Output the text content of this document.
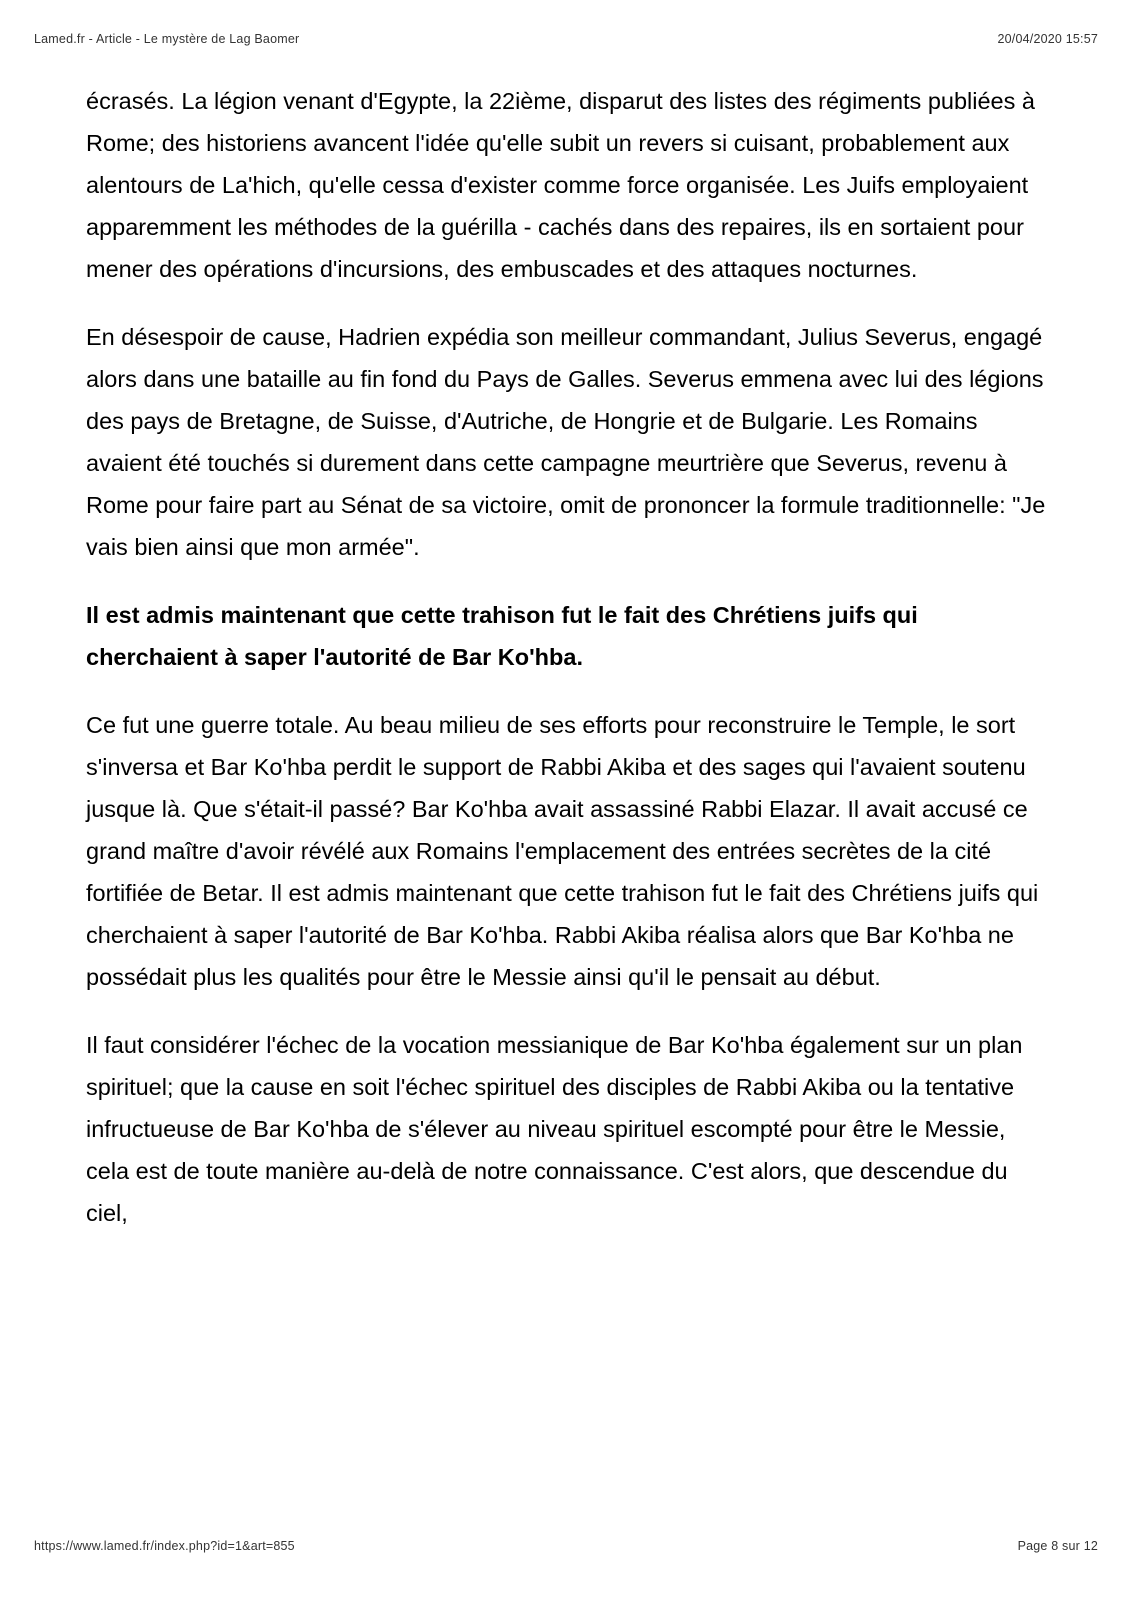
Lamed.fr - Article - Le mystère de Lag Baomer	20/04/2020 15:57

écrasés. La légion venant d'Egypte, la 22ième, disparut des listes des régiments publiées à Rome; des historiens avancent l'idée qu'elle subit un revers si cuisant, probablement aux alentours de La'hich, qu'elle cessa d'exister comme force organisée. Les Juifs employaient apparemment les méthodes de la guérilla - cachés dans des repaires, ils en sortaient pour mener des opérations d'incursions, des embuscades et des attaques nocturnes.

En désespoir de cause, Hadrien expédia son meilleur commandant, Julius Severus, engagé alors dans une bataille au fin fond du Pays de Galles. Severus emmena avec lui des légions des pays de Bretagne, de Suisse, d'Autriche, de Hongrie et de Bulgarie. Les Romains avaient été touchés si durement dans cette campagne meurtrière que Severus, revenu à Rome pour faire part au Sénat de sa victoire, omit de prononcer la formule traditionnelle: "Je vais bien ainsi que mon armée".

Il est admis maintenant que cette trahison fut le fait des Chrétiens juifs qui cherchaient à saper l'autorité de Bar Ko'hba.

Ce fut une guerre totale. Au beau milieu de ses efforts pour reconstruire le Temple, le sort s'inversa et Bar Ko'hba perdit le support de Rabbi Akiba et des sages qui l'avaient soutenu jusque là. Que s'était-il passé? Bar Ko'hba avait assassiné Rabbi Elazar. Il avait accusé ce grand maître d'avoir révélé aux Romains l'emplacement des entrées secrètes de la cité fortifiée de Betar. Il est admis maintenant que cette trahison fut le fait des Chrétiens juifs qui cherchaient à saper l'autorité de Bar Ko'hba. Rabbi Akiba réalisa alors que Bar Ko'hba ne possédait plus les qualités pour être le Messie ainsi qu'il le pensait au début.

Il faut considérer l'échec de la vocation messianique de Bar Ko'hba également sur un plan spirituel; que la cause en soit l'échec spirituel des disciples de Rabbi Akiba ou la tentative infructueuse de Bar Ko'hba de s'élever au niveau spirituel escompté pour être le Messie, cela est de toute manière au-delà de notre connaissance. C'est alors, que descendue du ciel,

https://www.lamed.fr/index.php?id=1&art=855	Page 8 sur 12
